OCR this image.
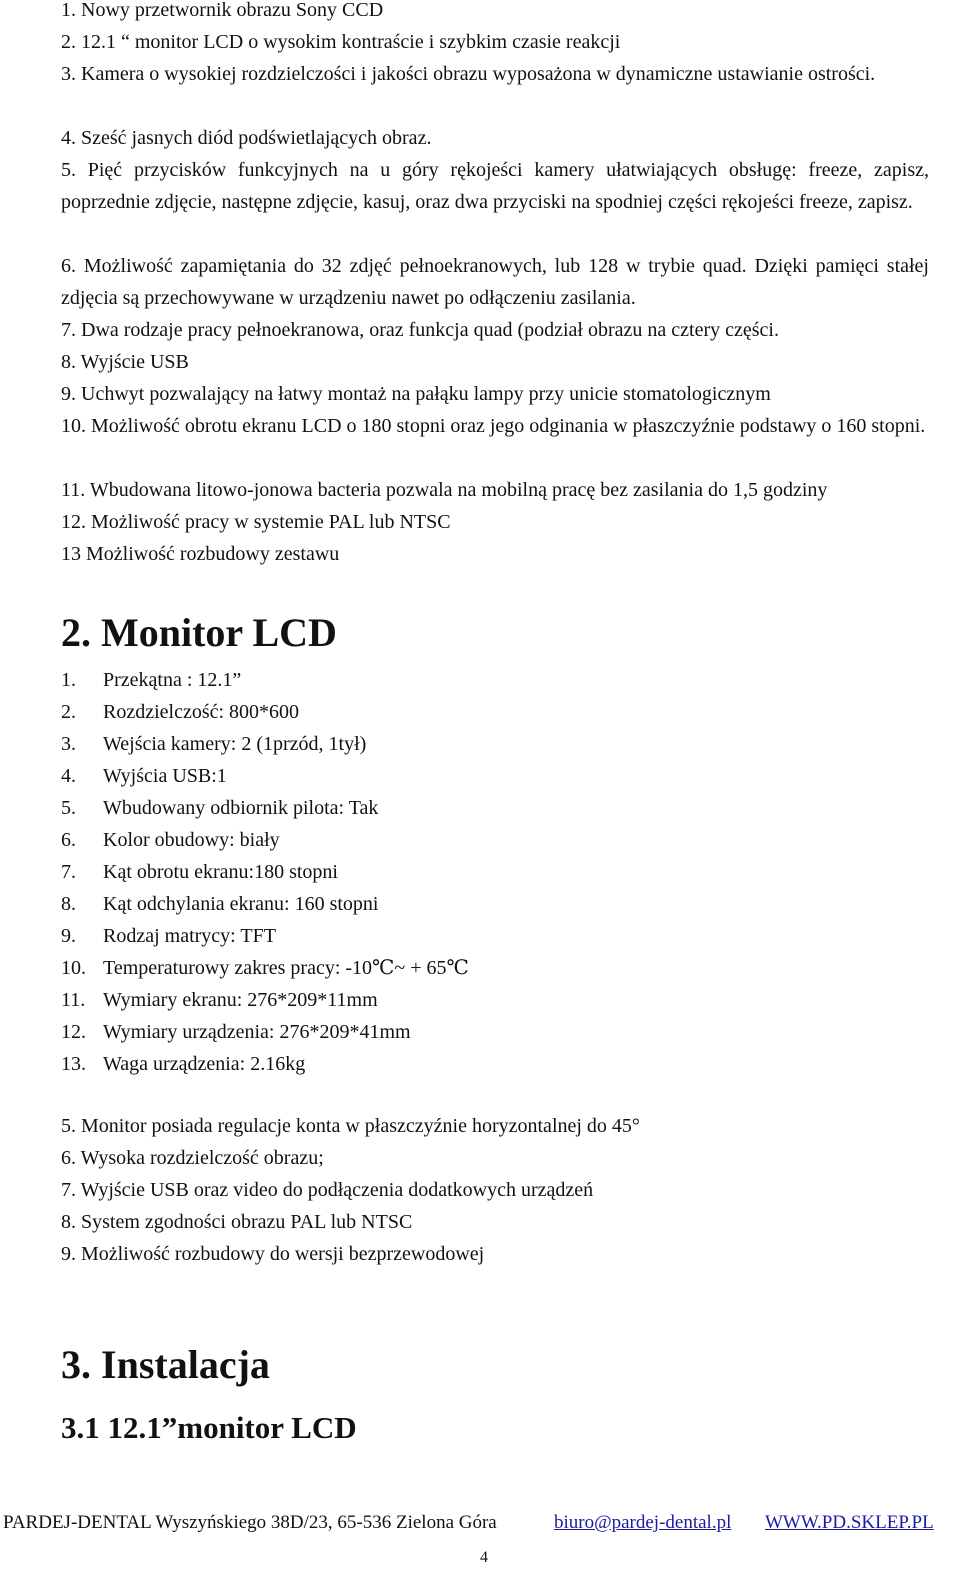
1. Nowy przetwornik obrazu Sony CCD

2. 12.1 “ monitor LCD o wysokim kontraście i szybkim czasie reakcji

3. Kamera o wysokiej rozdzielczości i jakości obrazu wyposażona w dynamiczne ustawianie ostrości.

4. Sześć jasnych diód podświetlających obraz.

5. Pięć przycisków funkcyjnych na u góry rękojeści kamery ułatwiających obsługę: freeze, zapisz, poprzednie zdjęcie, następne zdjęcie, kasuj, oraz dwa przyciski na spodniej części rękojeści freeze, zapisz.

6. Możliwość zapamiętania do 32 zdjęć pełnoekranowych, lub 128 w trybie quad. Dzięki pamięci stałej zdjęcia są przechowywane w urządzeniu nawet po odłączeniu zasilania.

7. Dwa rodzaje pracy pełnoekranowa, oraz funkcja quad (podział obrazu na cztery części.

8. Wyjście USB

9. Uchwyt pozwalający na łatwy montaż na pałąku lampy przy unicie stomatologicznym

10. Możliwość obrotu ekranu LCD o 180 stopni oraz jego odginania w płaszczyźnie podstawy o 160 stopni.

11. Wbudowana litowo-jonowa bacteria pozwala na mobilną pracę bez zasilania do 1,5 godziny

12. Możliwość pracy w systemie PAL lub NTSC

13 Możliwość rozbudowy zestawu

2. Monitor LCD
1. Przekątna : 12.1”
2. Rozdzielczość: 800*600
3. Wejścia kamery: 2 (1przód, 1tył)
4. Wyjścia USB:1
5. Wbudowany odbiornik pilota: Tak
6. Kolor obudowy: biały
7. Kąt obrotu ekranu:180 stopni
8. Kąt odchylania ekranu: 160 stopni
9. Rodzaj matrycy: TFT
10. Temperaturowy zakres pracy: -10℃~ + 65℃
11. Wymiary ekranu: 276*209*11mm
12. Wymiary urządzenia: 276*209*41mm
13. Waga urządzenia: 2.16kg

5. Monitor posiada regulacje konta w płaszczyźnie horyzontalnej do 45°

6. Wysoka rozdzielczość obrazu;

7. Wyjście USB oraz video do podłączenia dodatkowych urządzeń

8. System zgodności obrazu PAL lub NTSC

9. Możliwość rozbudowy do wersji bezprzewodowej

3. Instalacja
3.1 12.1”monitor LCD
PARDEJ-DENTAL Wyszyńskiego 38D/23, 65-536 Zielona Góra	biuro@pardej-dental.pl WWW.PD.SKLEP.PL
4
